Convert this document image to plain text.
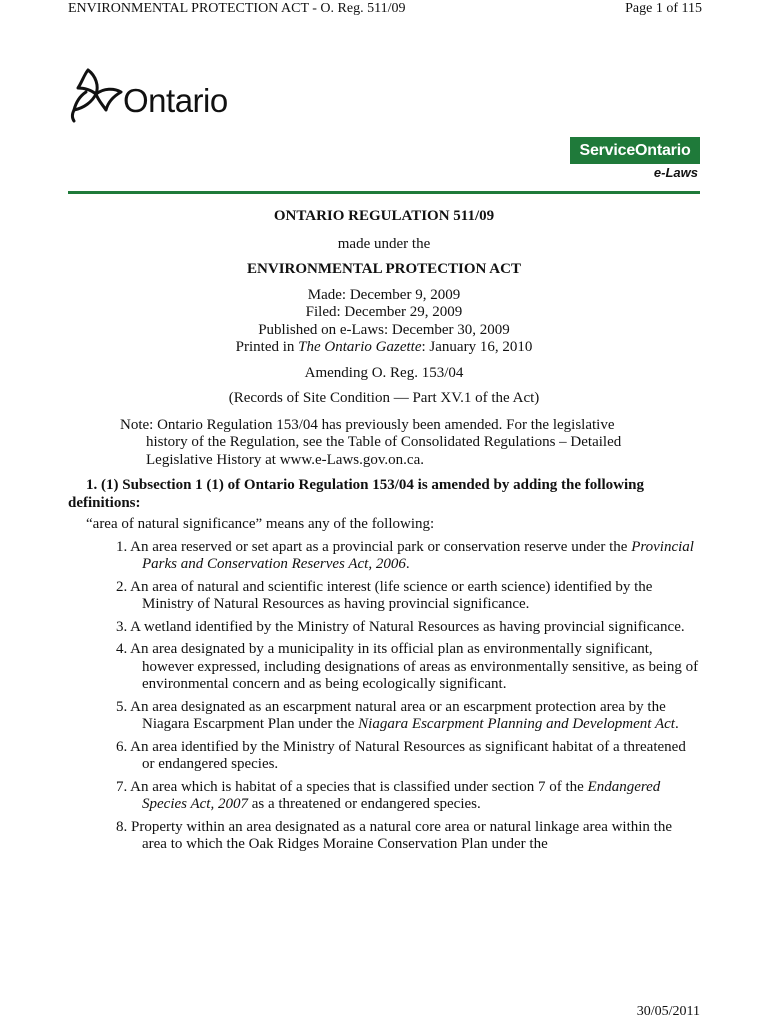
ENVIRONMENTAL PROTECTION ACT - O. Reg. 511/09	Page 1 of 115
Ontario
ServiceOntario
e-Laws
ONTARIO REGULATION 511/09
made under the
ENVIRONMENTAL PROTECTION ACT
Made: December 9, 2009
Filed: December 29, 2009
Published on e-Laws: December 30, 2009
Printed in The Ontario Gazette: January 16, 2010
Amending O. Reg. 153/04
(Records of Site Condition — Part XV.1 of the Act)
Note: Ontario Regulation 153/04 has previously been amended. For the legislative
history of the Regulation, see the Table of Consolidated Regulations – Detailed
Legislative History at www.e-Laws.gov.on.ca.
1. (1) Subsection 1 (1) of Ontario Regulation 153/04 is amended by adding the following definitions:
“area of natural significance” means any of the following:
1. An area reserved or set apart as a provincial park or conservation reserve under the Provincial Parks and Conservation Reserves Act, 2006.
2. An area of natural and scientific interest (life science or earth science) identified by the Ministry of Natural Resources as having provincial significance.
3. A wetland identified by the Ministry of Natural Resources as having provincial significance.
4. An area designated by a municipality in its official plan as environmentally significant, however expressed, including designations of areas as environmentally sensitive, as being of environmental concern and as being ecologically significant.
5. An area designated as an escarpment natural area or an escarpment protection area by the Niagara Escarpment Plan under the Niagara Escarpment Planning and Development Act.
6. An area identified by the Ministry of Natural Resources as significant habitat of a threatened or endangered species.
7. An area which is habitat of a species that is classified under section 7 of the Endangered Species Act, 2007 as a threatened or endangered species.
8. Property within an area designated as a natural core area or natural linkage area within the area to which the Oak Ridges Moraine Conservation Plan under the
30/05/2011
